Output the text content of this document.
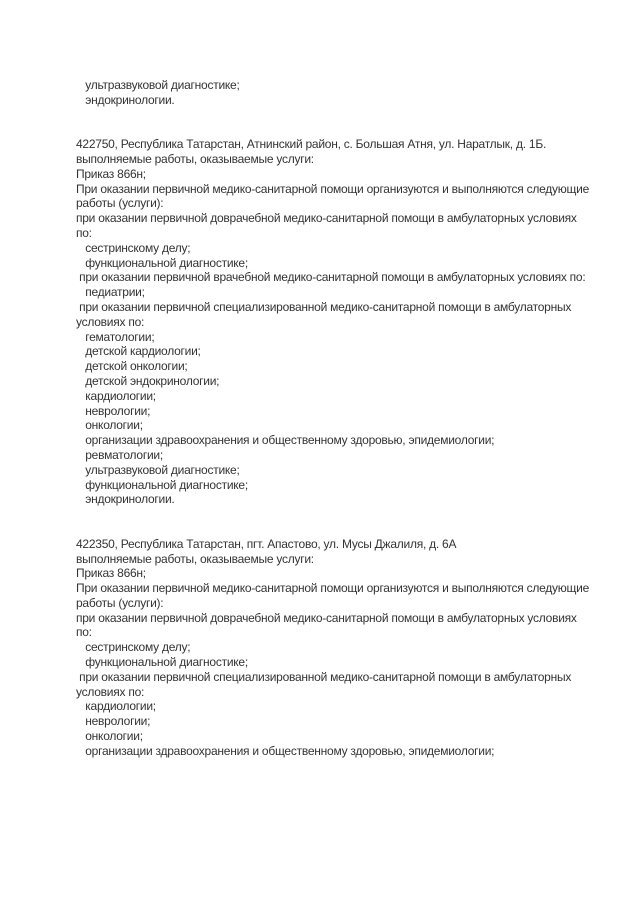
ультразвуковой диагностике;
эндокринологии.
422750, Республика Татарстан, Атнинский район, с. Большая Атня, ул. Наратлык, д. 1Б.
выполняемые работы, оказываемые услуги:
Приказ 866н;
При оказании первичной медико-санитарной помощи организуются и выполняются следующие
работы (услуги):
при оказании первичной доврачебной медико-санитарной помощи в амбулаторных условиях
по:
сестринскому делу;
функциональной диагностике;
при оказании первичной врачебной медико-санитарной помощи в амбулаторных условиях по:
педиатрии;
при оказании первичной специализированной медико-санитарной помощи в амбулаторных
условиях по:
гематологии;
детской кардиологии;
детской онкологии;
детской эндокринологии;
кардиологии;
неврологии;
онкологии;
организации здравоохранения и общественному здоровью, эпидемиологии;
ревматологии;
ультразвуковой диагностике;
функциональной диагностике;
эндокринологии.
422350, Республика Татарстан, пгт. Апастово, ул. Мусы Джалиля, д. 6А
выполняемые работы, оказываемые услуги:
Приказ 866н;
При оказании первичной медико-санитарной помощи организуются и выполняются следующие
работы (услуги):
при оказании первичной доврачебной медико-санитарной помощи в амбулаторных условиях
по:
сестринскому делу;
функциональной диагностике;
при оказании первичной специализированной медико-санитарной помощи в амбулаторных
условиях по:
кардиологии;
неврологии;
онкологии;
организации здравоохранения и общественному здоровью, эпидемиологии;
